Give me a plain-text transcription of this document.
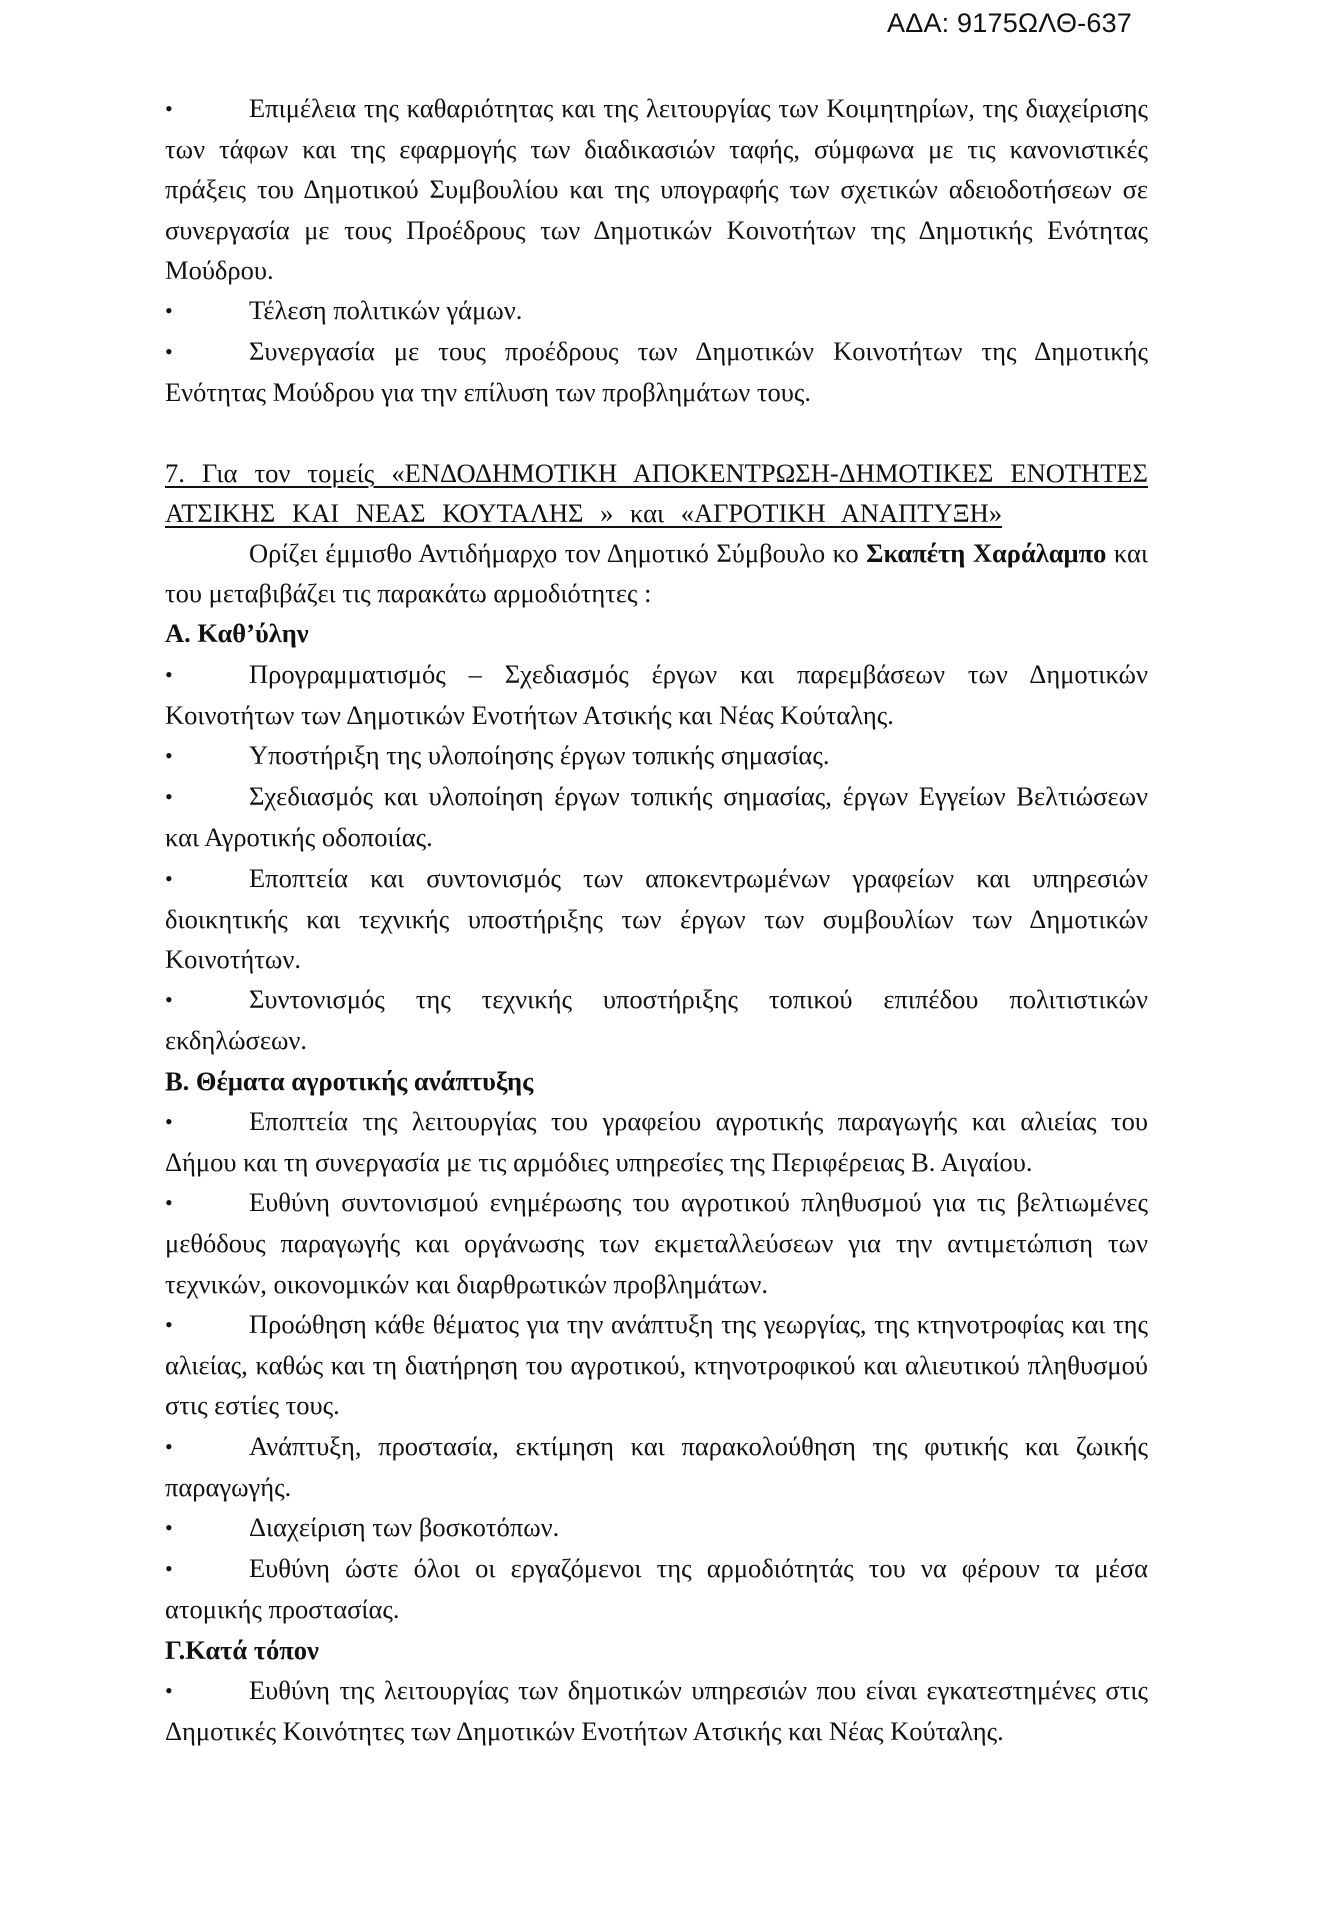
ΑΔΑ: 9175ΩΛΘ-637

•	Επιμέλεια της καθαριότητας και της λειτουργίας των Κοιμητηρίων, της διαχείρισης των τάφων και της εφαρμογής των διαδικασιών ταφής, σύμφωνα με τις κανονιστικές πράξεις του Δημοτικού Συμβουλίου και της υπογραφής των σχετικών αδειοδοτήσεων σε συνεργασία με τους Προέδρους των Δημοτικών Κοινοτήτων της Δημοτικής Ενότητας Μούδρου.

•	Τέλεση πολιτικών γάμων.

•	Συνεργασία με τους προέδρους των Δημοτικών Κοινοτήτων της Δημοτικής Ενότητας Μούδρου για την επίλυση των προβλημάτων τους.

7. Για τον τομείς «ΕΝΔΟΔΗΜΟΤΙΚΗ ΑΠΟΚΕΝΤΡΩΣΗ-ΔΗΜΟΤΙΚΕΣ ΕΝΟΤΗΤΕΣ ΑΤΣΙΚΗΣ ΚΑΙ ΝΕΑΣ ΚΟΥΤΑΛΗΣ » και «ΑΓΡΟΤΙΚΗ ΑΝΑΠΤΥΞΗ»

Ορίζει έμμισθο Αντιδήμαρχο τον Δημοτικό Σύμβουλο κο Σκαπέτη Χαράλαμπο και του μεταβιβάζει τις παρακάτω αρμοδιότητες :

Α. Καθ’ύλην

•	Προγραμματισμός – Σχεδιασμός έργων και παρεμβάσεων των Δημοτικών Κοινοτήτων των Δημοτικών Ενοτήτων Ατσικής και Νέας Κούταλης.

•	Υποστήριξη της υλοποίησης έργων τοπικής σημασίας.

•	Σχεδιασμός και υλοποίηση έργων τοπικής σημασίας, έργων Εγγείων Βελτιώσεων και Αγροτικής οδοποιίας.

•	Εποπτεία και συντονισμός των αποκεντρωμένων γραφείων και υπηρεσιών διοικητικής και τεχνικής υποστήριξης των έργων των συμβουλίων των Δημοτικών Κοινοτήτων.

•	Συντονισμός της τεχνικής υποστήριξης τοπικού επιπέδου πολιτιστικών εκδηλώσεων.

Β. Θέματα αγροτικής ανάπτυξης

•	Εποπτεία της λειτουργίας του γραφείου αγροτικής παραγωγής και αλιείας του Δήμου και τη συνεργασία με τις αρμόδιες υπηρεσίες της Περιφέρειας Β. Αιγαίου.

•	Ευθύνη συντονισμού ενημέρωσης του αγροτικού πληθυσμού για τις βελτιωμένες μεθόδους παραγωγής και οργάνωσης των εκμεταλλεύσεων για την αντιμετώπιση των τεχνικών, οικονομικών και διαρθρωτικών προβλημάτων.

•	Προώθηση κάθε θέματος για την ανάπτυξη της γεωργίας, της κτηνοτροφίας και της αλιείας, καθώς και τη διατήρηση του αγροτικού, κτηνοτροφικού και αλιευτικού πληθυσμού στις εστίες τους.

•	Ανάπτυξη, προστασία, εκτίμηση και παρακολούθηση της φυτικής και ζωικής παραγωγής.

•	Διαχείριση των βοσκοτόπων.

•	Ευθύνη ώστε όλοι οι εργαζόμενοι της αρμοδιότητάς του να φέρουν τα μέσα ατομικής προστασίας.

Γ.Κατά τόπον

•	Ευθύνη της λειτουργίας των δημοτικών υπηρεσιών που είναι εγκατεστημένες στις Δημοτικές Κοινότητες των Δημοτικών Ενοτήτων Ατσικής και Νέας Κούταλης.
